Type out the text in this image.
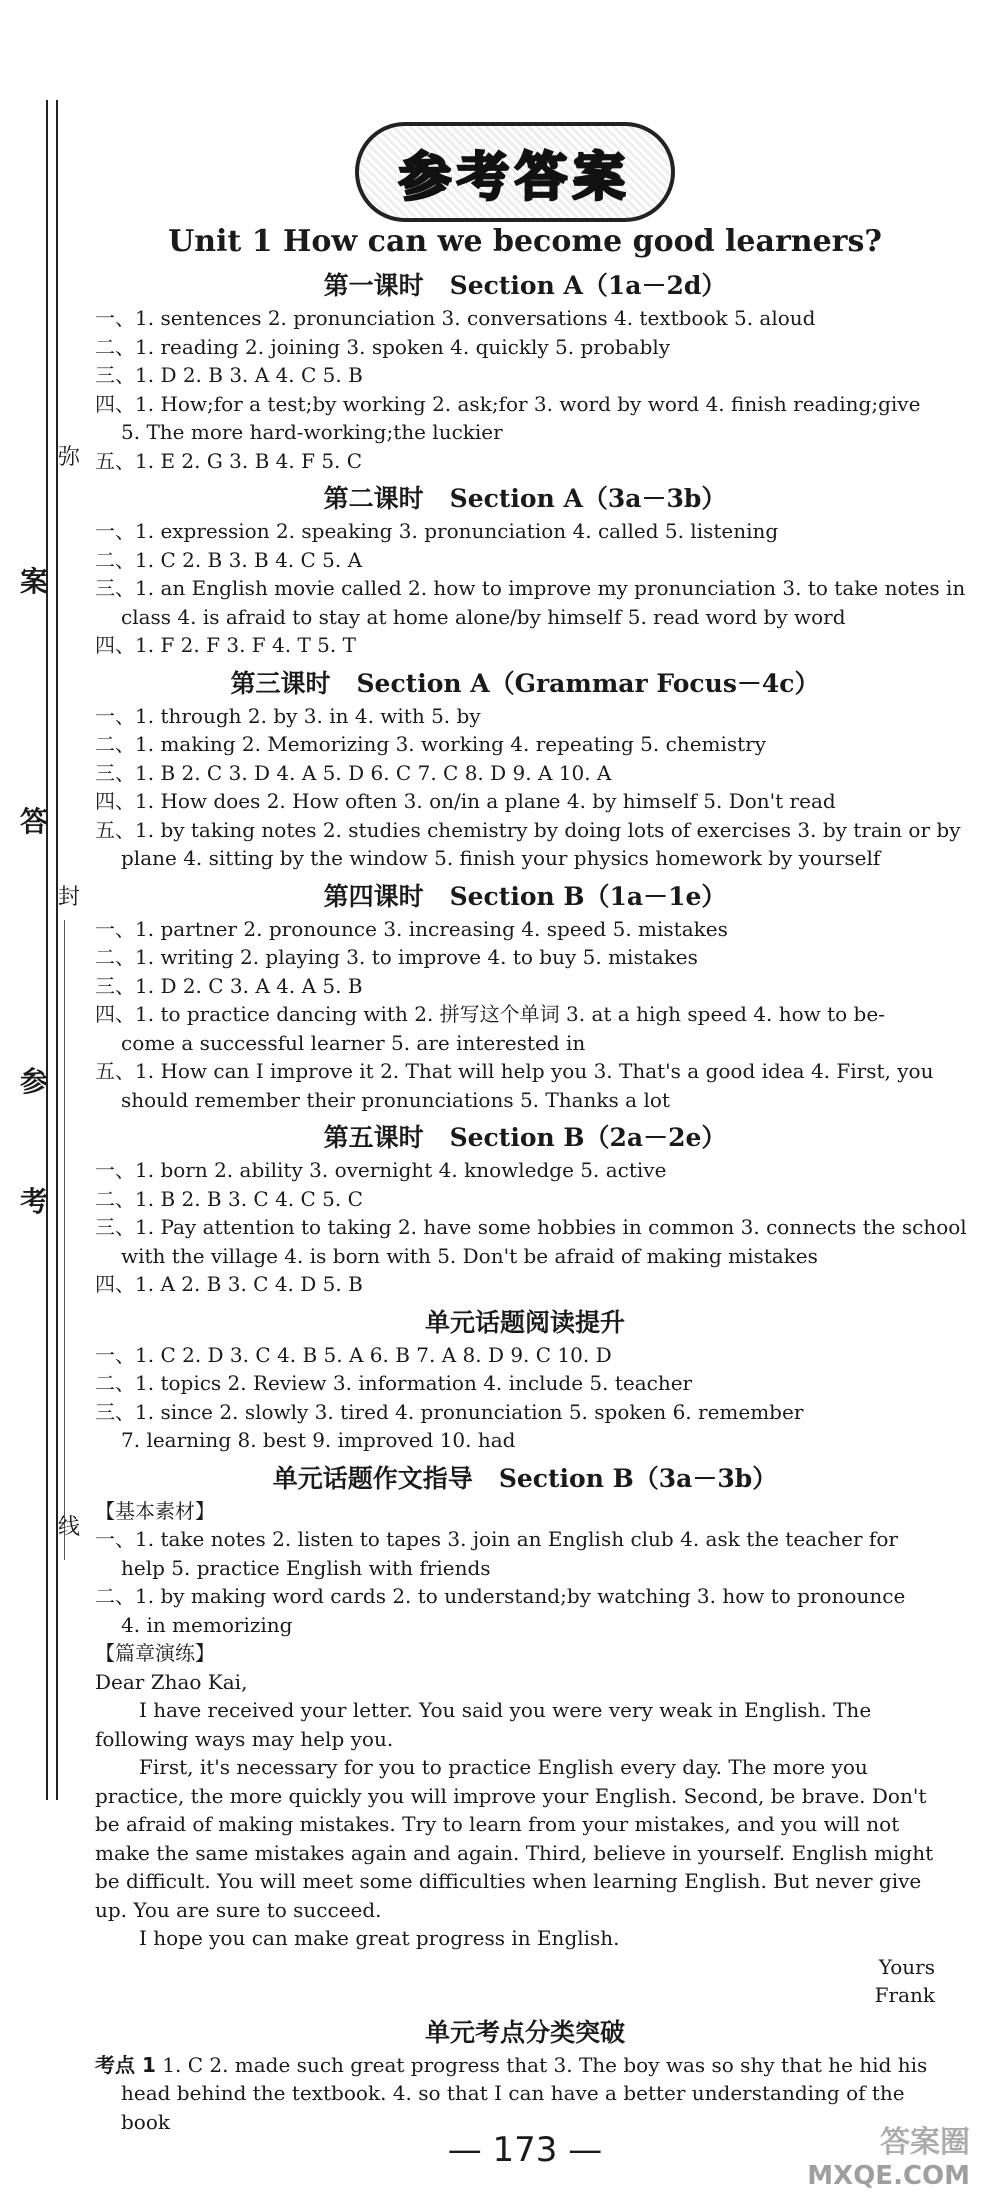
参
答
案
弥
封
考
线
参考答案
Unit 1 How can we become good learners?
第一课时 Section A（1a－2d）
一、1. sentences 2. pronunciation 3. conversations 4. textbook 5. aloud
二、1. reading 2. joining 3. spoken 4. quickly 5. probably
三、1. D 2. B 3. A 4. C 5. B
四、1. How;for a test;by working 2. ask;for 3. word by word 4. finish reading;give
5. The more hard-working;the luckier
五、1. E 2. G 3. B 4. F 5. C
第二课时 Section A（3a－3b）
一、1. expression 2. speaking 3. pronunciation 4. called 5. listening
二、1. C 2. B 3. B 4. C 5. A
三、1. an English movie called 2. how to improve my pronunciation 3. to take notes in
class 4. is afraid to stay at home alone/by himself 5. read word by word
四、1. F 2. F 3. F 4. T 5. T
第三课时 Section A（Grammar Focus－4c）
一、1. through 2. by 3. in 4. with 5. by
二、1. making 2. Memorizing 3. working 4. repeating 5. chemistry
三、1. B 2. C 3. D 4. A 5. D 6. C 7. C 8. D 9. A 10. A
四、1. How does 2. How often 3. on/in a plane 4. by himself 5. Don't read
五、1. by taking notes 2. studies chemistry by doing lots of exercises 3. by train or by
plane 4. sitting by the window 5. finish your physics homework by yourself
第四课时 Section B（1a－1e）
一、1. partner 2. pronounce 3. increasing 4. speed 5. mistakes
二、1. writing 2. playing 3. to improve 4. to buy 5. mistakes
三、1. D 2. C 3. A 4. A 5. B
四、1. to practice dancing with 2. 拼写这个单词 3. at a high speed 4. how to be-
come a successful learner 5. are interested in
五、1. How can I improve it 2. That will help you 3. That's a good idea 4. First, you
should remember their pronunciations 5. Thanks a lot
第五课时 Section B（2a－2e）
一、1. born 2. ability 3. overnight 4. knowledge 5. active
二、1. B 2. B 3. C 4. C 5. C
三、1. Pay attention to taking 2. have some hobbies in common 3. connects the school
with the village 4. is born with 5. Don't be afraid of making mistakes
四、1. A 2. B 3. C 4. D 5. B
单元话题阅读提升
一、1. C 2. D 3. C 4. B 5. A 6. B 7. A 8. D 9. C 10. D
二、1. topics 2. Review 3. information 4. include 5. teacher
三、1. since 2. slowly 3. tired 4. pronunciation 5. spoken 6. remember
7. learning 8. best 9. improved 10. had
单元话题作文指导 Section B（3a－3b）
【基本素材】
一、1. take notes 2. listen to tapes 3. join an English club 4. ask the teacher for
help 5. practice English with friends
二、1. by making word cards 2. to understand;by watching 3. how to pronounce
4. in memorizing
【篇章演练】
Dear Zhao Kai,

I have received your letter. You said you were very weak in English. The following ways may help you.

First, it's necessary for you to practice English every day. The more you practice, the more quickly you will improve your English. Second, be brave. Don't be afraid of making mistakes. Try to learn from your mistakes, and you will not make the same mistakes again and again. Third, believe in yourself. English might be difficult. You will meet some difficulties when learning English. But never give up. You are sure to succeed.

I hope you can make great progress in English.

Yours
Frank
单元考点分类突破
考点 1 1. C 2. made such great progress that 3. The boy was so shy that he hid his
head behind the textbook. 4. so that I can have a better understanding of the
book
— 173 —	答案圈
MXQE.COM
